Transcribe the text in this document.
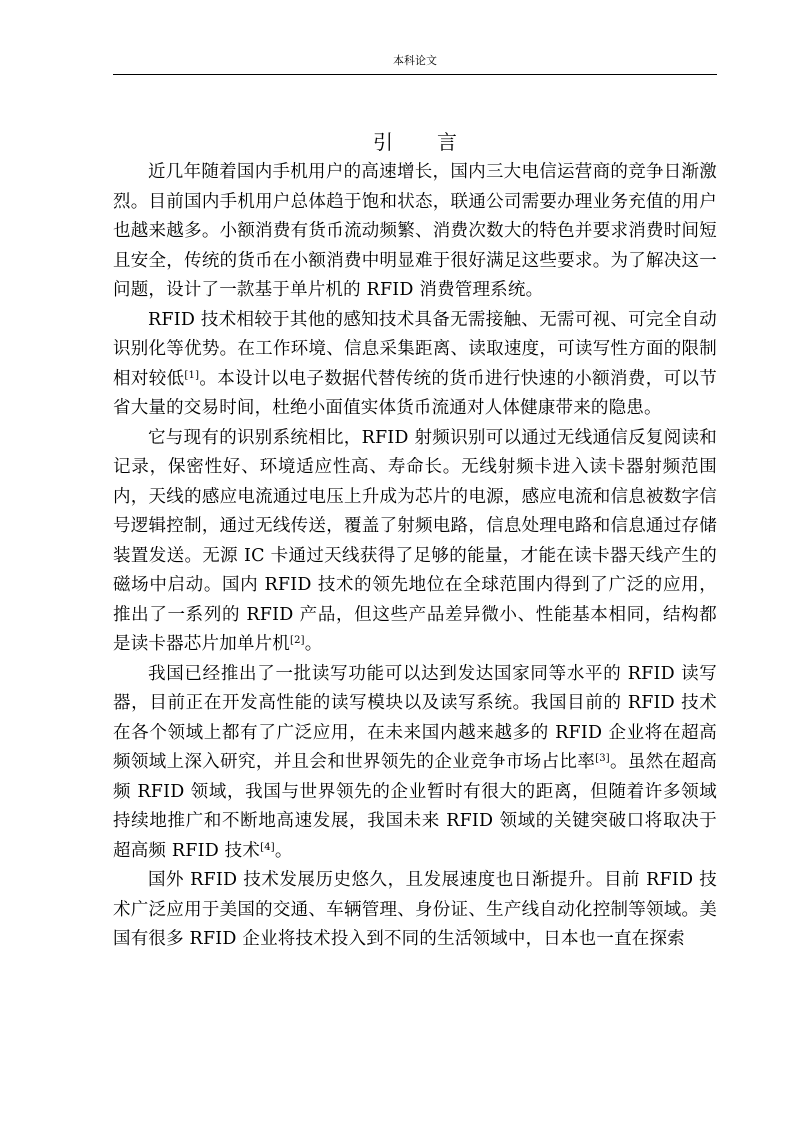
本科论文
引 言

近几年随着国内手机用户的高速增长，国内三大电信运营商的竞争日渐激烈。目前国内手机用户总体趋于饱和状态，联通公司需要办理业务充值的用户也越来越多。小额消费有货币流动频繁、消费次数大的特色并要求消费时间短且安全，传统的货币在小额消费中明显难于很好满足这些要求。为了解决这一问题，设计了一款基于单片机的 RFID 消费管理系统。

RFID 技术相较于其他的感知技术具备无需接触、无需可视、可完全自动识别化等优势。在工作环境、信息采集距离、读取速度，可读写性方面的限制相对较低[1]。本设计以电子数据代替传统的货币进行快速的小额消费，可以节省大量的交易时间，杜绝小面值实体货币流通对人体健康带来的隐患。

它与现有的识别系统相比，RFID 射频识别可以通过无线通信反复阅读和记录，保密性好、环境适应性高、寿命长。无线射频卡进入读卡器射频范围内，天线的感应电流通过电压上升成为芯片的电源，感应电流和信息被数字信号逻辑控制，通过无线传送，覆盖了射频电路，信息处理电路和信息通过存储装置发送。无源 IC 卡通过天线获得了足够的能量，才能在读卡器天线产生的磁场中启动。国内 RFID 技术的领先地位在全球范围内得到了广泛的应用，推出了一系列的 RFID 产品，但这些产品差异微小、性能基本相同，结构都是读卡器芯片加单片机[2]。

我国已经推出了一批读写功能可以达到发达国家同等水平的 RFID 读写器，目前正在开发高性能的读写模块以及读写系统。我国目前的 RFID 技术在各个领域上都有了广泛应用，在未来国内越来越多的 RFID 企业将在超高频领域上深入研究，并且会和世界领先的企业竞争市场占比率[3]。虽然在超高频 RFID 领域，我国与世界领先的企业暂时有很大的距离，但随着许多领域持续地推广和不断地高速发展，我国未来 RFID 领域的关键突破口将取决于超高频 RFID 技术[4]。

国外 RFID 技术发展历史悠久，且发展速度也日渐提升。目前 RFID 技术广泛应用于美国的交通、车辆管理、身份证、生产线自动化控制等领域。美国有很多 RFID 企业将技术投入到不同的生活领域中，日本也一直在探索
